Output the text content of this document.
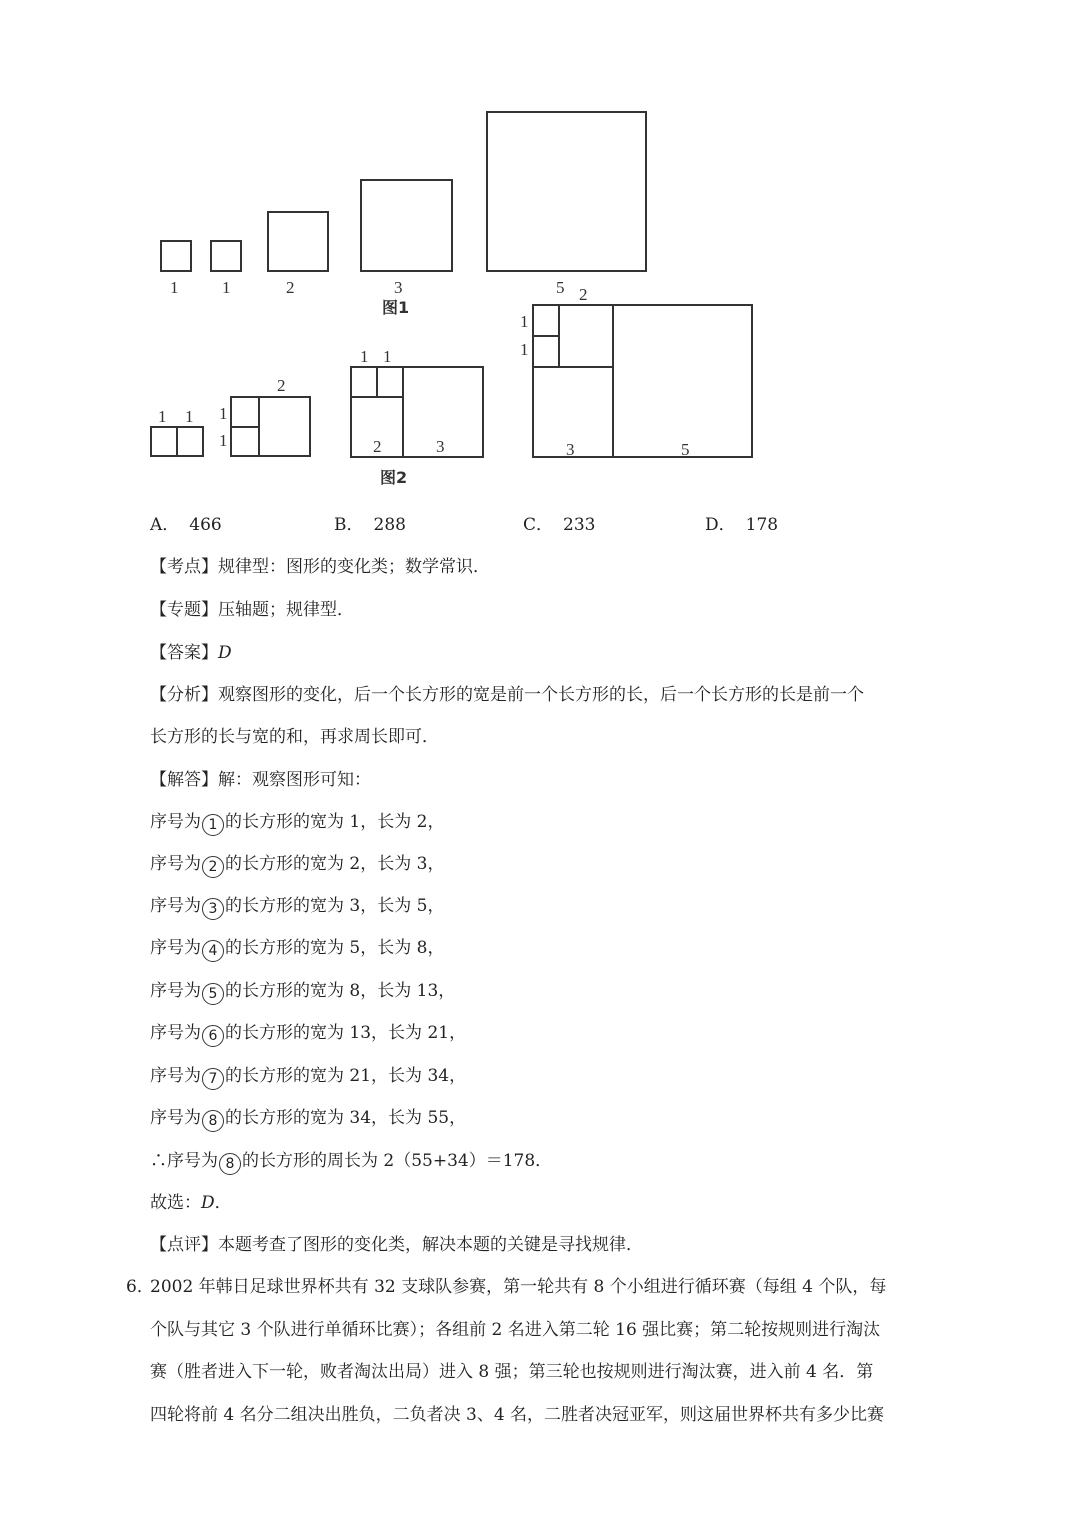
1	1	2	3	5
图1
1 1 1
1
2
1 1
2	3
图2
2
1
1
3	5
A． 466	B． 288	C． 233	D． 178
【考点】规律型：图形的变化类；数学常识．
【专题】压轴题；规律型．
【答案】D
【分析】观察图形的变化，后一个长方形的宽是前一个长方形的长，后一个长方形的长是前一个
长方形的长与宽的和，再求周长即可．
【解答】解：观察图形可知：
序号为 1 的长方形的宽为 1，长为 2，
序号为 2 的长方形的宽为 2，长为 3，
序号为 3 的长方形的宽为 3，长为 5，
序号为 4 的长方形的宽为 5，长为 8，
序号为 5 的长方形的宽为 8，长为 13，
序号为 6 的长方形的宽为 13，长为 21，
序号为 7 的长方形的宽为 21，长为 34，
序号为 8 的长方形的宽为 34，长为 55，
∴序号为 8 的长方形的周长为 2（55+34）＝178．
故选：D．
【点评】本题考查了图形的变化类，解决本题的关键是寻找规律．
6．
2002 年韩日足球世界杯共有 32 支球队参赛，第一轮共有 8 个小组进行循环赛（每组 4 个队，每
个队与其它 3 个队进行单循环比赛）；各组前 2 名进入第二轮 16 强比赛；第二轮按规则进行淘汰
赛（胜者进入下一轮，败者淘汰出局）进入 8 强；第三轮也按规则进行淘汰赛，进入前 4 名．第
四轮将前 4 名分二组决出胜负，二负者决 3、4 名，二胜者决冠亚军，则这届世界杯共有多少比赛
